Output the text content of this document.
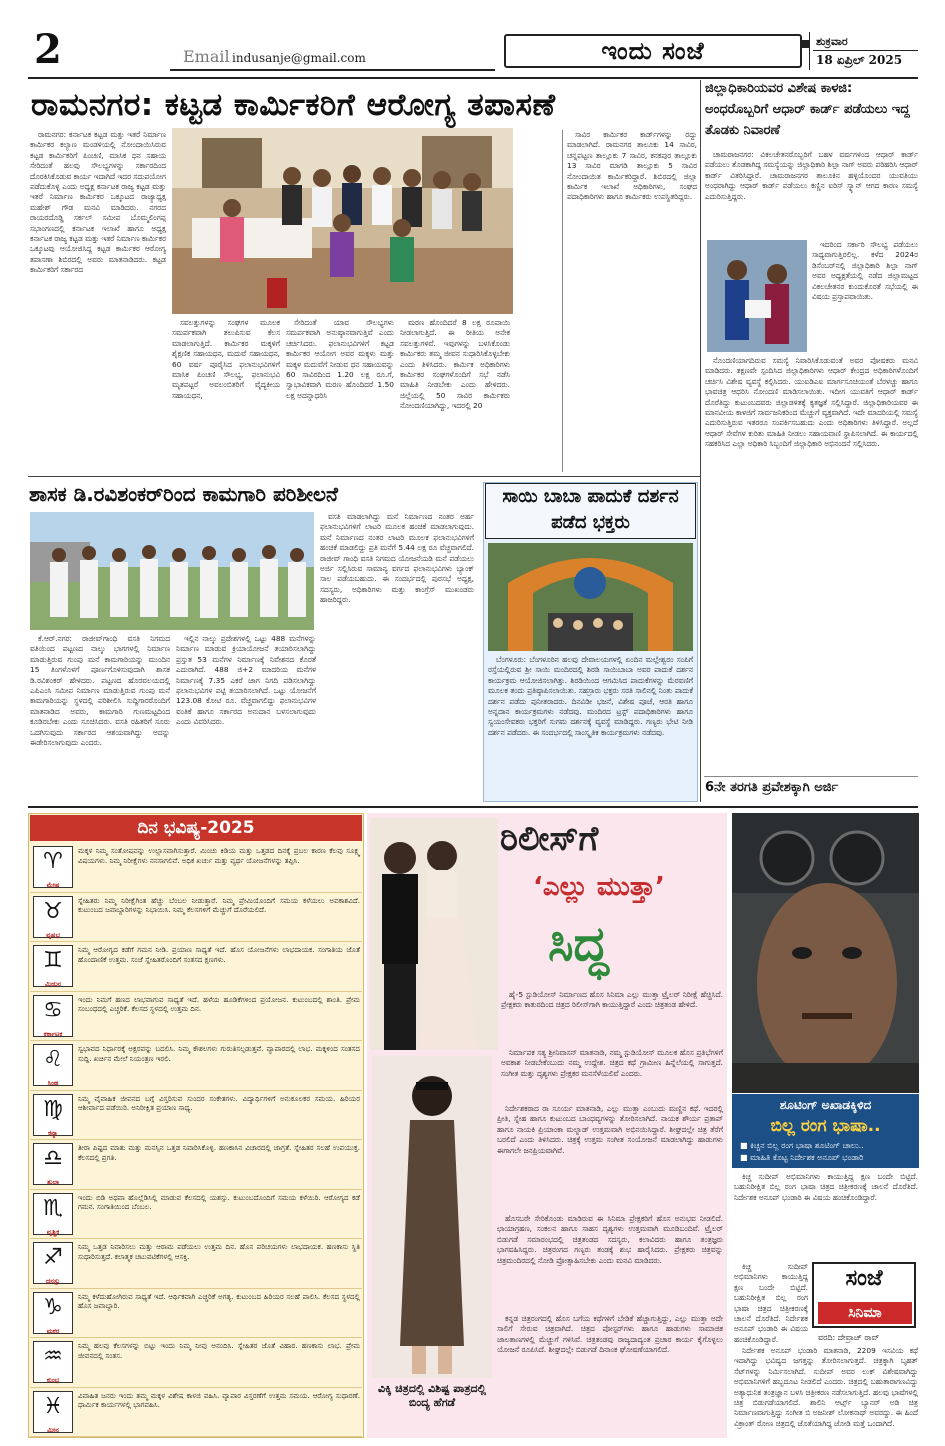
2	Email indusanje@gmail.com	ಇಂದು ಸಂಜೆ	ಶುಕ್ರವಾರ
18 ಏಪ್ರಿಲ್ 2025
ರಾಮನಗರ: ಕಟ್ಟಡ ಕಾರ್ಮಿಕರಿಗೆ ಆರೋಗ್ಯ ತಪಾಸಣೆ

ರಾಮನಗರ: ಕರ್ನಾಟಕ ಕಟ್ಟಡ ಮತ್ತು ಇತರೆ ನಿರ್ಮಾಣ ಕಾರ್ಮಿಕರ ಕಲ್ಯಾಣ ಮಂಡಳಿಯಲ್ಲಿ ನೋಂದಾಯಿಸಿರುವ ಕಟ್ಟಡ ಕಾರ್ಮಿಕರಿಗೆ ಪಿಂಚಣಿ, ಮಾಸಿಕ ಧನ ಸಹಾಯ ಸೇರಿದಂತೆ ಹಲವು ಸೌಲಭ್ಯಗಳನ್ನು ಸರ್ಕಾರದಿಂದ ದೊರಕಿಸಿಕೊಡುವ ಕಾರ್ಯ ಇದಾಗಿದೆ ಇದರ ಸದುಪಯೋಗ ಪಡೆದುಕೊಳ್ಳಿ ಎಂದು ಅಧ್ಯಕ್ಷ ಕರ್ನಾಟಕ ರಾಜ್ಯ ಕಟ್ಟಡ ಮತ್ತು ಇತರೆ ನಿರ್ಮಾಣ ಕಾರ್ಮಿಕರ ಒಕ್ಕೂಟದ ರಾಜ್ಯಾಧ್ಯಕ್ಷ ಮಹೇಶ್ ಗೌಡ ಮನವಿ ಮಾಡಿದರು. ನಗರದ ರಾಯರದೊಡ್ಡಿ ಸರ್ಕಲ್ ಸಮೀಪ ಬೊಮ್ಮಲಿಂಗಪ್ಪ ಸಭಾಂಗಣದಲ್ಲಿ ಕರ್ನಾಟಕ ಇಲಾಖೆ ಹಾಗೂ ಅಧ್ಯಕ್ಷ ಕರ್ನಾಟಕ ರಾಜ್ಯ ಕಟ್ಟಡ ಮತ್ತು ಇತರೆ ನಿರ್ಮಾಣ ಕಾರ್ಮಿಕರ ಒಕ್ಕೂಟವು ಆಯೋಜಿಸಿದ್ದ ಕಟ್ಟಡ ಕಾರ್ಮಿಕರ ಆರೋಗ್ಯ ತಪಾಸಣಾ ಶಿಬಿರದಲ್ಲಿ ಅವರು ಮಾತನಾಡಿದರು. ಕಟ್ಟಡ ಕಾರ್ಮಿಕರಿಗೆ ಸರ್ಕಾರದ

ಸವಲತ್ತುಗಳನ್ನು ಸಂಘಗಳ ಮೂಲಕ ಸಮರ್ಪಕವಾಗಿ ತಲುಪಿಸುವ ಕೆಲಸ ಮಾಡಲಾಗುತ್ತಿದೆ. ಕಾರ್ಮಿಕರ ಮಕ್ಕಳಿಗೆ ಶೈಕ್ಷಣಿಕ ಸಹಾಯಧನ, ಮದುವೆ ಸಹಾಯಧನ, 60 ವರ್ಷ ಪೂರೈಸಿದ ಫಲಾನುಭವಿಗಳಿಗೆ ಮಾಸಿಕ ಪಿಂಚಣಿ ಸೌಲಭ್ಯ, ಫಲಾನುಭವಿ ಮೃತಪಟ್ಟರೆ ಅವಲಂಬಿತರಿಗೆ ವೈದ್ಯಕೀಯ ಸಹಾಯಧನ,

ಸೇರಿದಂತೆ ಯಾವ ಸೌಲಭ್ಯಗಳು ಸಮರ್ಪಕವಾಗಿ ಅನುಷ್ಠಾನವಾಗುತ್ತಿವೆ ಎಂದು ಚರ್ಚಿಸಿದರು. ಫಲಾನುಭವಿಗಳಿಗೆ ಕಟ್ಟಡ ಕಾರ್ಮಿಕರ ಆಯೋಗ ಅವರ ಮಕ್ಕಳು ಮತ್ತು ಮಕ್ಕಳ ಮದುವೆಗೆ ನೀಡುವ ಧನ ಸಹಾಯವನ್ನು 60 ಸಾವಿರದಿಂದ 1.20 ಲಕ್ಷ ರೂ.ಗೆ, ಸ್ವಾಭಾವಿಕವಾಗಿ ಮರಣ ಹೊಂದಿದರೆ 1.50 ಲಕ್ಷ ಅದನ್ನಾಧರಿಸಿ

ಮರಣ ಹೊಂದಿದರೆ 8 ಲಕ್ಷ ರೂಪಾಯಿ ನೀಡಲಾಗುತ್ತಿದೆ. ಈ ರೀತಿಯ ಅನೇಕ ಸವಲತ್ತುಗಳಿವೆ. ಇವುಗಳನ್ನು ಬಳಸಿಕೊಂಡು ಕಾರ್ಮಿಕರು ತಮ್ಮ ಜೀವನ ಸುಧಾರಿಸಿಕೊಳ್ಳಬೇಕು ಎಂದು ತಿಳಿಸಿದರು. ಕಾರ್ಮಿಕ ಅಧಿಕಾರಿಗಳು ಕಾರ್ಮಿಕರ ಸಂಘಗಳೊಂದಿಗೆ ಸಭೆ ನಡೆಸಿ ಮಾಹಿತಿ ನೀಡಬೇಕು ಎಂದು ಹೇಳಿದರು. ಜಿಲ್ಲೆಯಲ್ಲಿ 50 ಸಾವಿರ ಕಾರ್ಮಿಕರು ನೋಂದಣಿಯಾಗಿದ್ದು, ಇದರಲ್ಲಿ 20

ಸಾವಿರ ಕಾರ್ಮಿಕರ ಕಾರ್ಡ್‌ಗಳನ್ನು ರದ್ದು ಮಾಡಲಾಗಿದೆ. ರಾಮನಗರ ತಾಲೂಕು 14 ಸಾವಿರ, ಚನ್ನಪಟ್ಟಣ ತಾಲ್ಲೂಕು 7 ಸಾವಿರ, ಕನಕಪುರ ತಾಲ್ಲೂಕು 13 ಸಾವಿರ ಮಾಗಡಿ ತಾಲ್ಲೂಕು 5 ಸಾವಿರ ನೋಂದಾಯಿತ ಕಾರ್ಮಿಕರಿದ್ದಾರೆ. ಶಿಬಿರದಲ್ಲಿ ಜಿಲ್ಲಾ ಕಾರ್ಮಿಕ ಇಲಾಖೆ ಅಧಿಕಾರಿಗಳು, ಸಂಘದ ಪದಾಧಿಕಾರಿಗಳು ಹಾಗೂ ಕಾರ್ಮಿಕರು ಉಪಸ್ಥಿತರಿದ್ದರು.

ಜಿಲ್ಲಾಧಿಕಾರಿಯವರ ವಿಶೇಷ ಕಾಳಜಿ: ಅಂಧರೊಬ್ಬರಿಗೆ ಆಧಾರ್ ಕಾರ್ಡ್ ಪಡೆಯಲು ಇದ್ದ ತೊಡಕು ನಿವಾರಣೆ

ಚಾಮರಾಜನಗರ: ವಿಕಲಚೇತನರೊಬ್ಬರಿಗೆ ಬಹಳ ವರ್ಷಗಳಿಂದ ಆಧಾರ್ ಕಾರ್ಡ್ ಪಡೆಯಲು ತೊಡಕಾಗಿದ್ದ ಸಮಸ್ಯೆಯನ್ನು ಜಿಲ್ಲಾಧಿಕಾರಿ ಶಿಲ್ಪಾ ನಾಗ್ ಅವರು ಪರಿಹರಿಸಿ ಆಧಾರ್ ಕಾರ್ಡ್ ವಿತರಿಸಿದ್ದಾರೆ. ಚಾಮರಾಜನಗರ ತಾಲೂಕಿನ ಹಳ್ಳಿಯೊಂದರ ಯುವತಿಯು ಅಂಧರಾಗಿದ್ದು ಆಧಾರ್ ಕಾರ್ಡ್ ಪಡೆಯಲು ಕಣ್ಣಿನ ಐರಿಸ್ ಸ್ಕ್ಯಾನ್ ಆಗದ ಕಾರಣ ಸಮಸ್ಯೆ ಎದುರಿಸುತ್ತಿದ್ದರು.

ಇದರಿಂದ ಸರ್ಕಾರಿ ಸೌಲಭ್ಯ ಪಡೆಯಲು ಸಾಧ್ಯವಾಗುತ್ತಿರಲಿಲ್ಲ. ಕಳೆದ 2024ರ ಡಿಸೆಂಬರ್‌ನಲ್ಲಿ ಜಿಲ್ಲಾಧಿಕಾರಿ ಶಿಲ್ಪಾ ನಾಗ್ ಅವರ ಅಧ್ಯಕ್ಷತೆಯಲ್ಲಿ ನಡೆದ ಜಿಲ್ಲಾಮಟ್ಟದ ವಿಕಲಚೇತನರ ಕುಂದುಕೊರತೆ ಸಭೆಯಲ್ಲಿ ಈ ವಿಷಯ ಪ್ರಸ್ತಾಪವಾಯಿತು.

ನೊಂದಣಿಯಾಗದಿರುವ ಸಮಸ್ಯೆ ನಿವಾರಿಸಿಕೊಡುವಂತೆ ಅವರ ಪೋಷಕರು ಮನವಿ ಮಾಡಿದರು. ತಕ್ಷಣವೇ ಸ್ಪಂದಿಸಿದ ಜಿಲ್ಲಾಧಿಕಾರಿಗಳು ಆಧಾರ್ ಕೇಂದ್ರದ ಅಧಿಕಾರಿಗಳೊಂದಿಗೆ ಚರ್ಚಿಸಿ ವಿಶೇಷ ವ್ಯವಸ್ಥೆ ಕಲ್ಪಿಸಿದರು. ಯುಐಡಿಎಐ ಮಾರ್ಗಸೂಚಿಯಂತೆ ಬೆರಳಚ್ಚು ಹಾಗೂ ಭಾವಚಿತ್ರ ಆಧರಿಸಿ ನೋಂದಣಿ ಮಾಡಿಸಲಾಯಿತು. ಇದೀಗ ಯುವತಿಗೆ ಆಧಾರ್ ಕಾರ್ಡ್ ದೊರೆತಿದ್ದು ಕುಟುಂಬದವರು ಜಿಲ್ಲಾಡಳಿತಕ್ಕೆ ಕೃತಜ್ಞತೆ ಸಲ್ಲಿಸಿದ್ದಾರೆ. ಜಿಲ್ಲಾಧಿಕಾರಿಯವರ ಈ ಮಾನವೀಯ ಕಾಳಜಿಗೆ ಸಾರ್ವಜನಿಕರಿಂದ ಮೆಚ್ಚುಗೆ ವ್ಯಕ್ತವಾಗಿದೆ. ಇದೇ ಮಾದರಿಯಲ್ಲಿ ಸಮಸ್ಯೆ ಎದುರಿಸುತ್ತಿರುವ ಇತರರೂ ಸಂಪರ್ಕಿಸಬಹುದು ಎಂದು ಅಧಿಕಾರಿಗಳು ತಿಳಿಸಿದ್ದಾರೆ. ಅಲ್ಲದೆ ಆಧಾರ್ ಸೇವೆಗಳ ಕುರಿತು ಮಾಹಿತಿ ನೀಡಲು ಸಹಾಯವಾಣಿ ಸ್ಥಾಪಿಸಲಾಗಿದೆ. ಈ ಕಾರ್ಯದಲ್ಲಿ ಸಹಕರಿಸಿದ ಎಲ್ಲಾ ಅಧಿಕಾರಿ ಸಿಬ್ಬಂದಿಗೆ ಜಿಲ್ಲಾಧಿಕಾರಿ ಅಭಿನಂದನೆ ಸಲ್ಲಿಸಿದರು.

6ನೇ ತರಗತಿ ಪ್ರವೇಶಕ್ಕಾಗಿ ಅರ್ಜಿ
ಶಾಸಕ ಡಿ.ರವಿಶಂಕರ್‌ರಿಂದ ಕಾಮಗಾರಿ ಪರಿಶೀಲನೆ

ಕೆ.ಆರ್.ನಗರ: ರಾಜೀವ್‌ಗಾಂಧಿ ವಸತಿ ನಿಗಮದ ವತಿಯಿಂದ ಪಟ್ಟಣದ ನಾಲ್ಕು ಭಾಗಗಳಲ್ಲಿ ನಿರ್ಮಾಣ ಮಾಡುತ್ತಿರುವ ಗುಂಪು ಮನೆ ಕಾಮಗಾರಿಯನ್ನು ಮುಂದಿನ 15 ತಿಂಗಳೊಳಗೆ ಪೂರ್ಣಗೊಳಿಸುವುದಾಗಿ ಶಾಸಕ ಡಿ.ರವಿಶಂಕರ್ ಹೇಳಿದರು. ಪಟ್ಟಣದ ಹೊರವಲಯದಲ್ಲಿ ಎಪಿಎಂಸಿ ಸಮೀಪ ನಿರ್ಮಾಣ ಮಾಡುತ್ತಿರುವ ಗುಂಪು ಮನೆ ಕಾಮಗಾರಿಯನ್ನು ಸ್ಥಳದಲ್ಲಿ ಪರಿಶೀಲಿಸಿ ಸುದ್ದಿಗಾರರೊಂದಿಗೆ ಮಾತನಾಡಿದ ಅವರು, ಕಾಮಗಾರಿ ಗುಣಮಟ್ಟದಿಂದ ಕೂಡಿರಬೇಕು ಎಂದು ಸೂಚಿಸಿದರು. ವಸತಿ ರಹಿತರಿಗೆ ಸೂರು ಒದಗಿಸುವುದು ಸರ್ಕಾರದ ಆಶಯವಾಗಿದ್ದು ಅದನ್ನು ಈಡೇರಿಸಲಾಗುವುದು ಎಂದರು.

ಇಲ್ಲಿನ ನಾಲ್ಕು ಪ್ರದೇಶಗಳಲ್ಲಿ ಒಟ್ಟು 488 ಮನೆಗಳನ್ನು ನಿರ್ಮಾಣ ಮಾಡುವ ಕ್ರಿಯಾಯೋಜನೆ ತಯಾರಿಸಲಾಗಿದ್ದು ಪ್ರಸ್ತುತ 53 ಮನೆಗಳ ನಿರ್ಮಾಣಕ್ಕೆ ನಿವೇಶನದ ಕೊರತೆ ಎದುರಾಗಿದೆ. 488 ಜಿ+2 ಮಾದರಿಯ ಮನೆಗಳ ನಿರ್ಮಾಣಕ್ಕೆ 7.35 ಎಕರೆ ಜಾಗ ನಿಗದಿ ಪಡಿಸಲಾಗಿದ್ದು ಫಲಾನುಭವಿಗಳ ಪಟ್ಟಿ ತಯಾರಿಸಲಾಗಿದೆ. ಒಟ್ಟು ಯೋಜನೆಗೆ 123.08 ಕೋಟಿ ರೂ. ವೆಚ್ಚವಾಗಲಿದ್ದು ಫಲಾನುಭವಿಗಳ ವಂತಿಕೆ ಹಾಗೂ ಸರ್ಕಾರದ ಅನುದಾನ ಬಳಸಲಾಗುವುದು ಎಂದು ವಿವರಿಸಿದರು.

ವಸತಿ ಮಾಡಲಾಗಿದ್ದು ಮನೆ ನಿರ್ಮಾಣದ ನಂತರ ಅರ್ಹ ಫಲಾನುಭವಿಗಳಿಗೆ ಲಾಟರಿ ಮೂಲಕ ಹಂಚಿಕೆ ಮಾಡಲಾಗುವುದು. ಮನೆ ನಿರ್ಮಾಣದ ನಂತರ ಲಾಟರಿ ಮೂಲಕ ಫಲಾನುಭವಿಗಳಿಗೆ ಹಂಚಿಕೆ ಮಾಡಲಿದ್ದು ಪ್ರತಿ ಮನೆಗೆ 5.44 ಲಕ್ಷ ರೂ ವೆಚ್ಚವಾಗಲಿದೆ. ರಾಜೀವ್ ಗಾಂಧಿ ವಸತಿ ನಿಗಮದ ಯೋಜನೆಯಡಿ ಮನೆ ಪಡೆಯಲು ಅರ್ಜಿ ಸಲ್ಲಿಸಿರುವ ಸಾಮಾನ್ಯ ವರ್ಗದ ಫಲಾನುಭವಿಗಳು ಬ್ಯಾಂಕ್ ಸಾಲ ಪಡೆಯಬಹುದು. ಈ ಸಂದರ್ಭದಲ್ಲಿ ಪುರಸಭೆ ಅಧ್ಯಕ್ಷ, ಸದಸ್ಯರು, ಅಧಿಕಾರಿಗಳು ಮತ್ತು ಕಾಂಗ್ರೆಸ್ ಮುಖಂಡರು ಹಾಜರಿದ್ದರು.

ಸಾಯಿ ಬಾಬಾ ಪಾದುಕೆ ದರ್ಶನ ಪಡೆದ ಭಕ್ತರು

ಬೆಂಗಳೂರು: ಬೆಂಗಳೂರಿನ ಹಲವು ದೇವಾಲಯಗಳಲ್ಲಿ ಏಂದಿನ ಮಲ್ಲೇಶ್ವರಂ ಸಂಪಿಗೆ ರಸ್ತೆಯಲ್ಲಿರುವ ಶ್ರೀ ಸಾಯಿ ಮಂದಿರದಲ್ಲಿ ಶಿರಡಿ ಸಾಯಿಬಾಬಾ ಅವರ ಪಾದುಕೆ ದರ್ಶನ ಕಾರ್ಯಕ್ರಮ ಆಯೋಜಿಸಲಾಗಿತ್ತು. ಶಿರಡಿಯಿಂದ ಆಗಮಿಸಿದ ಪಾದುಕೆಗಳನ್ನು ಮೆರವಣಿಗೆ ಮೂಲಕ ತಂದು ಪ್ರತಿಷ್ಠಾಪಿಸಲಾಯಿತು. ಸಹಸ್ರಾರು ಭಕ್ತರು ಸರತಿ ಸಾಲಿನಲ್ಲಿ ನಿಂತು ಪಾದುಕೆ ದರ್ಶನ ಪಡೆದು ಪುನೀತರಾದರು. ದಿನವಿಡೀ ಭಜನೆ, ವಿಶೇಷ ಪೂಜೆ, ಆರತಿ ಹಾಗೂ ಅನ್ನದಾನ ಕಾರ್ಯಕ್ರಮಗಳು ನಡೆದವು. ಮಂದಿರದ ಟ್ರಸ್ಟ್ ಪದಾಧಿಕಾರಿಗಳು ಹಾಗೂ ಸ್ವಯಂಸೇವಕರು ಭಕ್ತರಿಗೆ ಸುಗಮ ದರ್ಶನಕ್ಕೆ ವ್ಯವಸ್ಥೆ ಮಾಡಿದ್ದರು. ಗಣ್ಯರು ಭೇಟಿ ನೀಡಿ ದರ್ಶನ ಪಡೆದರು. ಈ ಸಂದರ್ಭದಲ್ಲಿ ಸಾಂಸ್ಕೃತಿಕ ಕಾರ್ಯಕ್ರಮಗಳು ನಡೆದವು.

ದಿನ ಭವಿಷ್ಯ-2025
♈
ಮೇಷ
ಮಕ್ಕಳ ನಿಮ್ಮ ಸಂತೋಷವನ್ನು ಉಲ್ಲಾಸವಾಗಿಸುತ್ತಾರೆ. ಮಿಂಚು ಕಿಡಿಯ ಮತ್ತು ಒತ್ತಡದ ದಿನಕ್ಕೆ ಪ್ರಬಲ ಕಾರಣ ಕೆಲವು ಸೂಕ್ಷ್ಮ ವಿಷಯಗಳು. ನಿಮ್ಮ ನಿರೀಕ್ಷೆಗಳು ನನಸಾಗಲಿವೆ. ಅಧಿಕ ಖರ್ಚು ಮತ್ತು ವ್ಯರ್ಥ ಯೋಜನೆಗಳನ್ನು ತಪ್ಪಿಸಿ.
♉
ವೃಷಭ
ಸ್ನೇಹಿತರು ನಿಮ್ಮ ನಿರೀಕ್ಷೆಗಿಂತ ಹೆಚ್ಚು ಬೆಂಬಲ ನೀಡುತ್ತಾರೆ. ನಿಮ್ಮ ಪ್ರೇಮಿಯೊಂದಿಗೆ ಸಮಯ ಕಳೆಯಲು ಅವಕಾಶವಿದೆ. ಕುಟುಂಬದ ಜವಾಬ್ದಾರಿಗಳನ್ನು ನಿಭಾಯಿಸಿ. ನಿಮ್ಮ ಕೆಲಸಗಳಿಗೆ ಮೆಚ್ಚುಗೆ ದೊರೆಯಲಿದೆ.
♊
ಮಿಥುನ
ನಿಮ್ಮ ಆರೋಗ್ಯದ ಕಡೆಗೆ ಗಮನ ನೀಡಿ. ಪ್ರಯಾಣ ಸಾಧ್ಯತೆ ಇದೆ. ಹೊಸ ಯೋಜನೆಗಳು ಲಾಭದಾಯಕ. ಸಂಗಾತಿಯ ಜೊತೆ ಹೊಂದಾಣಿಕೆ ಉತ್ತಮ. ಸಂಜೆ ಸ್ನೇಹಿತರೊಂದಿಗೆ ಸಂತಸದ ಕ್ಷಣಗಳು.
♋
ಕರ್ಕಾಟಕ
ಇಂದು ನಿಮಗೆ ಹಣದ ಲಾಭವಾಗುವ ಸಾಧ್ಯತೆ ಇದೆ. ಹಳೆಯ ಹೂಡಿಕೆಗಳಿಂದ ಪ್ರಯೋಜನ. ಕುಟುಂಬದಲ್ಲಿ ಶಾಂತಿ. ಪ್ರೇಮ ಸಂಬಂಧದಲ್ಲಿ ಎಚ್ಚರಿಕೆ. ಕೆಲಸದ ಸ್ಥಳದಲ್ಲಿ ಉತ್ತಮ ದಿನ.
♌
ಸಿಂಹ
ಸ್ವಭಾವದ ನಿರ್ಧಾರಕ್ಕೆ ಅಕ್ಷರವನ್ನು ಬದಲಿಸಿ. ನಿಮ್ಮ ಕೌಶಲಗಳು ಗುರುತಿಸಲ್ಪಡುತ್ತವೆ. ವ್ಯಾಪಾರದಲ್ಲಿ ಲಾಭ. ಮಕ್ಕಳಿಂದ ಸಂತಸದ ಸುದ್ದಿ. ಖರ್ಚಿನ ಮೇಲೆ ನಿಯಂತ್ರಣ ಇರಲಿ.
♍
ಕನ್ಯಾ
ನಿಮ್ಮ ವೈವಾಹಿಕ ಜೀವನದ ಬಗ್ಗೆ ವಿಸ್ತರಿಸುವ ಸುಂದರ ಸಂಕೇತಗಳು. ವಿದ್ಯಾರ್ಥಿಗಳಿಗೆ ಅನುಕೂಲಕರ ಸಮಯ. ಹಿರಿಯರ ಆಶೀರ್ವಾದ ಪಡೆಯಿರಿ. ಅನಿರೀಕ್ಷಿತ ಪ್ರಯಾಣ ಸಾಧ್ಯ.
♎
ತುಲಾ
ತೀರಾ ಪಿಷ್ಟದ ಮಾತು ಮತ್ತು ಮನಸ್ಸಿನ ಒತ್ತಡ ನಿವಾರಿಸಿಕೊಳ್ಳಿ. ಹಣಕಾಸಿನ ವಿಚಾರದಲ್ಲಿ ಜಾಗ್ರತೆ. ಸ್ನೇಹಿತರ ಸಲಹೆ ಉಪಯುಕ್ತ. ಕೆಲಸದಲ್ಲಿ ಪ್ರಗತಿ.
♏
ವೃಶ್ಚಿಕ
ಇಂದು ಬಿಡಿ ಅಥವಾ ಹೊಲ್ಲೆಡಿಸಿಲ್ಲಿ ಮಾಡುವ ಕೆಲಸದಲ್ಲಿ ಯಶಸ್ಸು. ಕುಟುಂಬದೊಂದಿಗೆ ಸಮಯ ಕಳೆಯಿರಿ. ಆರೋಗ್ಯದ ಕಡೆ ಗಮನ. ಸಂಗಾತಿಯಿಂದ ಬೆಂಬಲ.
♐
ಧನಸ್ಸು
ನಿಮ್ಮ ಒತ್ತಡ ನಿವಾರಿಸಲು ಮತ್ತು ಆರಾಮ ಪಡೆಯಲು ಉತ್ತಮ ದಿನ. ಹೊಸ ಪರಿಚಯಗಳು ಲಾಭದಾಯಕ. ಹಣಕಾಸು ಸ್ಥಿತಿ ಸುಧಾರಿಸುತ್ತದೆ. ಕಲಾತ್ಮಕ ಚಟುವಟಿಕೆಗಳಲ್ಲಿ ಆಸಕ್ತಿ.
♑
ಮಕರ
ನಿಮ್ಮ ಕಳೆದುಹೋಗಿರುವ ಸಾಧ್ಯತೆ ಇದೆ. ಆರ್ಥಿಕವಾಗಿ ಎಚ್ಚರಿಕೆ ಅಗತ್ಯ. ಕುಟುಂಬದ ಹಿರಿಯರ ಸಲಹೆ ಪಾಲಿಸಿ. ಕೆಲಸದ ಸ್ಥಳದಲ್ಲಿ ಹೊಸ ಜವಾಬ್ದಾರಿ.
♒
ಕುಂಭ
ನಿಮ್ಮ ಹಲವು ಕೆಲಸಗಳನ್ನು ಬಿಟ್ಟು ಇಂದು ನಿಮ್ಮ ನೀವು ಆನಂದಿಸಿ. ಸ್ನೇಹಿತರ ಜೊತೆ ವಿಹಾರ. ಹಣಕಾಸು ಲಾಭ. ಪ್ರೇಮ ಜೀವನದಲ್ಲಿ ಸಂತಸ.
♓
ಮೀನ
ವಿವಾಹಿತ ಜನರು ಇಂದು ತಮ್ಮ ಮಕ್ಕಳ ವಿಶೇಷ ಕಾಳಜಿ ವಹಿಸಿ. ವ್ಯಾಪಾರ ವಿಸ್ತರಣೆಗೆ ಉತ್ತಮ ಸಮಯ. ಆರೋಗ್ಯ ಸುಧಾರಣೆ. ಧಾರ್ಮಿಕ ಕಾರ್ಯಗಳಲ್ಲಿ ಭಾಗವಹಿಸಿ.
ರಿಲೀಸ್‌ಗೆ
‘ಎಲ್ಲು ಮುತ್ತಾ’
ಸಿದ್ಧ

ಹೈ-5 ಸ್ಟುಡಿಯೋಸ್ ನಿರ್ಮಾಣದ ಹೊಸ ಸಿನಿಮಾ ಎಲ್ಲು ಮುತ್ತಾ ಟ್ರೈಲರ್ ನಿರೀಕ್ಷೆ ಹೆಚ್ಚಿಸಿದೆ. ಪ್ರೇಕ್ಷಕರು ಕಾತುರದಿಂದ ಚಿತ್ರದ ರಿಲೀಸ್‌ಗಾಗಿ ಕಾಯುತ್ತಿದ್ದಾರೆ ಎಂದು ಚಿತ್ರತಂಡ ಹೇಳಿದೆ.

ನಿರ್ಮಾಪಕ ಸತ್ಯ ಶ್ರೀನಿವಾಸನ್ ಮಾತನಾಡಿ, ನಮ್ಮ ಸ್ಟುಡಿಯೋಸ್ ಮೂಲಕ ಹೊಸ ಪ್ರತಿಭೆಗಳಿಗೆ ಅವಕಾಶ ನೀಡಬೇಕೆಂಬುದು ನಮ್ಮ ಉದ್ದೇಶ. ಚಿತ್ರದ ಕಥೆ ಗ್ರಾಮೀಣ ಹಿನ್ನೆಲೆಯಲ್ಲಿ ಸಾಗುತ್ತದೆ. ಸಂಗೀತ ಮತ್ತು ದೃಶ್ಯಗಳು ಪ್ರೇಕ್ಷಕರ ಮನಸೆಳೆಯಲಿವೆ ಎಂದರು.

ವಿಕ್ಕಿ ಚಿತ್ರದಲ್ಲಿ ವಿಶಿಷ್ಟ ಪಾತ್ರದಲ್ಲಿ ಬಿಂದ್ಯ ಹೆಗಡೆ

ನಿರ್ದೇಶಕರಾದ ರಾ ಸೂರ್ಯ ಮಾತನಾಡಿ, ಎಲ್ಲು ಮುತ್ತಾ ಎಂಬುದು ಮಣ್ಣಿನ ಕಥೆ. ಇದರಲ್ಲಿ ಪ್ರೀತಿ, ಸ್ನೇಹ ಹಾಗೂ ಕುಟುಂಬದ ಬಾಂಧವ್ಯಗಳನ್ನು ತೋರಿಸಲಾಗಿದೆ. ನಾಯಕ ಶೌರ್ಯ ಪ್ರತಾಪ್ ಹಾಗೂ ನಾಯಕಿ ಪ್ರಿಯಾಂಕಾ ಮಲ್ನಾಡ್ ಉತ್ತಮವಾಗಿ ಅಭಿನಯಿಸಿದ್ದಾರೆ. ಶೀಘ್ರದಲ್ಲೇ ಚಿತ್ರ ತೆರೆಗೆ ಬರಲಿದೆ ಎಂದು ತಿಳಿಸಿದರು. ಚಿತ್ರಕ್ಕೆ ಉತ್ತಮ ಸಂಗೀತ ಸಂಯೋಜನೆ ಮಾಡಲಾಗಿದ್ದು ಹಾಡುಗಳು ಈಗಾಗಲೇ ಜನಪ್ರಿಯವಾಗಿವೆ.

ಹೊಸಬರೇ ಸೇರಿಕೊಂಡು ಮಾಡಿರುವ ಈ ಸಿನಿಮಾ ಪ್ರೇಕ್ಷಕರಿಗೆ ಹೊಸ ಅನುಭವ ನೀಡಲಿದೆ. ಛಾಯಾಗ್ರಹಣ, ಸಂಕಲನ ಹಾಗೂ ಸಾಹಸ ದೃಶ್ಯಗಳು ಉತ್ತಮವಾಗಿ ಮೂಡಿಬಂದಿವೆ. ಟ್ರೈಲರ್ ಬಿಡುಗಡೆ ಸಮಾರಂಭದಲ್ಲಿ ಚಿತ್ರತಂಡದ ಸದಸ್ಯರು, ಕಲಾವಿದರು ಹಾಗೂ ತಂತ್ರಜ್ಞರು ಭಾಗವಹಿಸಿದ್ದರು. ಚಿತ್ರರಂಗದ ಗಣ್ಯರು ತಂಡಕ್ಕೆ ಶುಭ ಹಾರೈಸಿದರು. ಪ್ರೇಕ್ಷಕರು ಚಿತ್ರವನ್ನು ಚಿತ್ರಮಂದಿರದಲ್ಲಿ ನೋಡಿ ಪ್ರೋತ್ಸಾಹಿಸಬೇಕು ಎಂದು ಮನವಿ ಮಾಡಿದರು.

ಕನ್ನಡ ಚಿತ್ರರಂಗದಲ್ಲಿ ಹೊಸ ಬಗೆಯ ಕಥೆಗಳಿಗೆ ಬೇಡಿಕೆ ಹೆಚ್ಚಾಗುತ್ತಿದ್ದು, ಎಲ್ಲು ಮುತ್ತಾ ಅದೇ ಸಾಲಿಗೆ ಸೇರುವ ಚಿತ್ರವಾಗಿದೆ. ಚಿತ್ರದ ಪೋಸ್ಟರ್‌ಗಳು ಹಾಗೂ ಹಾಡುಗಳು ಸಾಮಾಜಿಕ ಜಾಲತಾಣಗಳಲ್ಲಿ ಮೆಚ್ಚುಗೆ ಗಳಿಸಿವೆ. ಚಿತ್ರತಂಡವು ರಾಜ್ಯದಾದ್ಯಂತ ಪ್ರಚಾರ ಕಾರ್ಯ ಕೈಗೊಳ್ಳಲು ಯೋಜನೆ ರೂಪಿಸಿದೆ. ಶೀಘ್ರದಲ್ಲೇ ಬಿಡುಗಡೆ ದಿನಾಂಕ ಘೋಷಣೆಯಾಗಲಿದೆ.

ಶೂಟಿಂಗ್ ಅಖಾಡಕ್ಕಿಳಿದ
ಬಿಲ್ಲ ರಂಗ ಭಾಷಾ..
■ ಕಿಚ್ಚನ ಬಿಲ್ಲ ರಂಗ ಭಾಷಾ ಶೂಟಿಂಗ್ ಚಾಲು..
■ ಮಾಹಿತಿ ಕೊಟ್ಟ ನಿರ್ದೇಶಕ ಅನೂಪ್ ಭಂಡಾರಿ

ಕಿಚ್ಚ ಸುದೀಪ್ ಅಭಿಮಾನಿಗಳು ಕಾಯುತ್ತಿದ್ದ ಕ್ಷಣ ಬಂದೇ ಬಿಟ್ಟಿದೆ. ಬಹುನಿರೀಕ್ಷಿತ ಬಿಲ್ಲ ರಂಗ ಭಾಷಾ ಚಿತ್ರದ ಚಿತ್ರೀಕರಣಕ್ಕೆ ಚಾಲನೆ ದೊರೆತಿದೆ. ನಿರ್ದೇಶಕ ಅನೂಪ್ ಭಂಡಾರಿ ಈ ವಿಷಯ ಹಂಚಿಕೊಂಡಿದ್ದಾರೆ.

ಸಂಜೆ
ಸಿನಿಮಾ
ವರದಿ: ದೇವ್ರಾಜ್ ರಾವ್

ಕಿಚ್ಚ ಸುದೀಪ್ ಅಭಿಮಾನಿಗಳು ಕಾಯುತ್ತಿದ್ದ ಕ್ಷಣ ಬಂದೇ ಬಿಟ್ಟಿದೆ. ಬಹುನಿರೀಕ್ಷಿತ ಬಿಲ್ಲ ರಂಗ ಭಾಷಾ ಚಿತ್ರದ ಚಿತ್ರೀಕರಣಕ್ಕೆ ಚಾಲನೆ ದೊರೆತಿದೆ. ನಿರ್ದೇಶಕ ಅನೂಪ್ ಭಂಡಾರಿ ಈ ವಿಷಯ ಹಂಚಿಕೊಂಡಿದ್ದಾರೆ.

ನಿರ್ದೇಶಕ ಅನೂಪ್ ಭಂಡಾರಿ ಮಾತನಾಡಿ, 2209 ಇಸವಿಯ ಕಥೆ ಇದಾಗಿದ್ದು ಭವಿಷ್ಯದ ಜಗತ್ತನ್ನು ತೋರಿಸಲಾಗುತ್ತದೆ. ಚಿತ್ರಕ್ಕಾಗಿ ಬೃಹತ್ ಸೆಟ್‌ಗಳನ್ನು ನಿರ್ಮಿಸಲಾಗಿದೆ. ಸುದೀಪ್ ಅವರ ಲುಕ್ ವಿಶೇಷವಾಗಿದ್ದು ಅಭಿಮಾನಿಗಳಿಗೆ ಹಬ್ಬದೂಟ ನೀಡಲಿದೆ ಎಂದರು. ಚಿತ್ರದಲ್ಲಿ ಬಹುತಾರಾಗಣವಿದ್ದು ಅತ್ಯಾಧುನಿಕ ತಂತ್ರಜ್ಞಾನ ಬಳಸಿ ಚಿತ್ರೀಕರಣ ನಡೆಸಲಾಗುತ್ತಿದೆ. ಹಲವು ಭಾಷೆಗಳಲ್ಲಿ ಚಿತ್ರ ಬಿಡುಗಡೆಯಾಗಲಿದೆ. ಶಾಲಿನಿ ಆರ್ಟ್ಸ್ ಬ್ಯಾನರ್ ಅಡಿ ಚಿತ್ರ ನಿರ್ಮಾಣವಾಗುತ್ತಿದ್ದು ಸಂಗೀತ ಬಿ ಅಜನೀಶ್ ಲೋಕನಾಥ್ ಅವರದ್ದು. ಈ ಹಿಂದೆ ವಿಕ್ರಾಂತ್ ರೋಣ ಚಿತ್ರದಲ್ಲಿ ಜೊತೆಯಾಗಿದ್ದ ಜೋಡಿ ಮತ್ತೆ ಒಂದಾಗಿದೆ.
